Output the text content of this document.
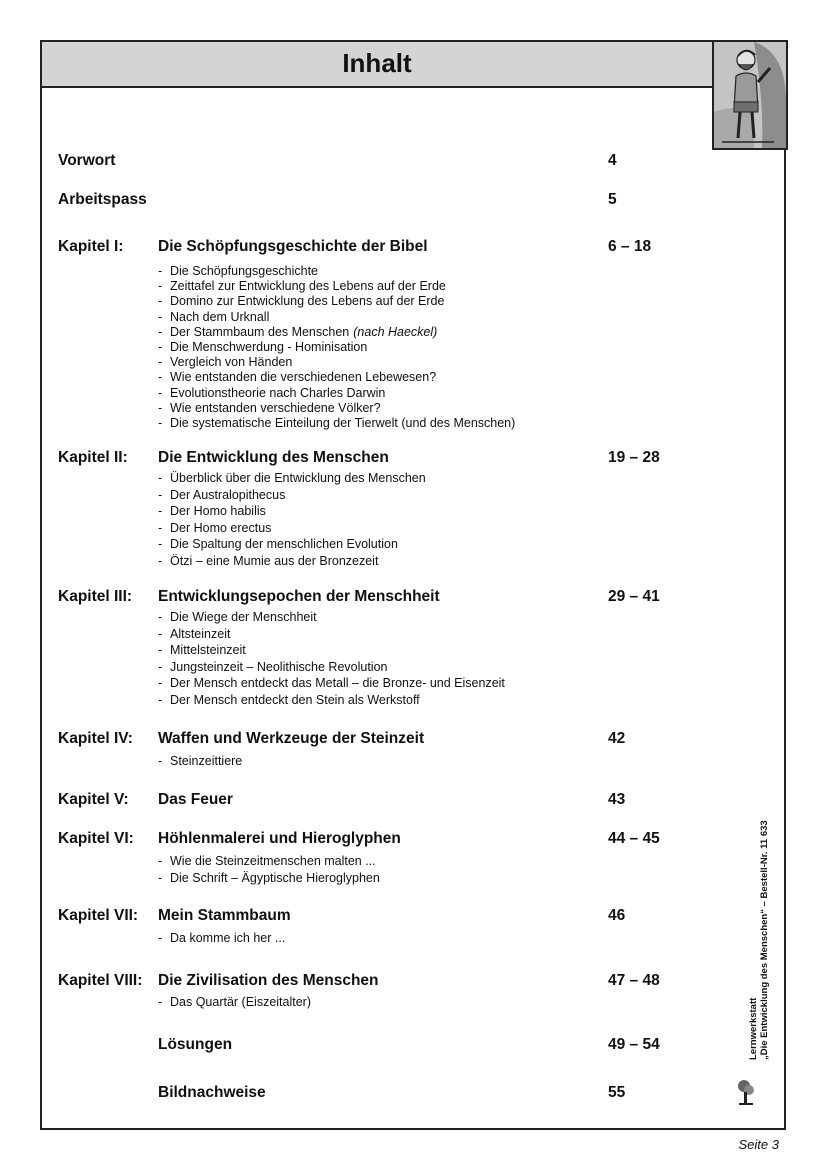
Inhalt
Vorwort	4
Arbeitspass	5
Kapitel I: Die Schöpfungsgeschichte der Bibel	6 – 18
- Die Schöpfungsgeschichte
- Zeittafel zur Entwicklung des Lebens auf der Erde
- Domino zur Entwicklung des Lebens auf der Erde
- Nach dem Urknall
- Der Stammbaum des Menschen (nach Haeckel)
- Die Menschwerdung - Hominisation
- Vergleich von Händen
- Wie entstanden die verschiedenen Lebewesen?
- Evolutionstheorie nach Charles Darwin
- Wie entstanden verschiedene Völker?
- Die systematische Einteilung der Tierwelt (und des Menschen)
Kapitel II: Die Entwicklung des Menschen	19 – 28
- Überblick über die Entwicklung des Menschen
- Der Australopithecus
- Der Homo habilis
- Der Homo erectus
- Die Spaltung der menschlichen Evolution
- Ötzi – eine Mumie aus der Bronzezeit
Kapitel III: Entwicklungsepochen der Menschheit	29 – 41
- Die Wiege der Menschheit
- Altsteinzeit
- Mittelsteinzeit
- Jungsteinzeit – Neolithische Revolution
- Der Mensch entdeckt das Metall – die Bronze- und Eisenzeit
- Der Mensch entdeckt den Stein als Werkstoff
Kapitel IV: Waffen und Werkzeuge der Steinzeit	42
- Steinzeittiere
Kapitel V: Das Feuer	43
Kapitel VI: Höhlenmalerei und Hieroglyphen	44 – 45
- Wie die Steinzeitmenschen malten ...
- Die Schrift – Ägyptische Hieroglyphen
Kapitel VII: Mein Stammbaum	46
- Da komme ich her ...
Kapitel VIII: Die Zivilisation des Menschen	47 – 48
- Das Quartär (Eiszeitalter)
Lösungen	49 – 54
Bildnachweise	55
Lernwerkstatt „Die Entwicklung des Menschen“ – Bestell-Nr. 11 633
Seite 3
